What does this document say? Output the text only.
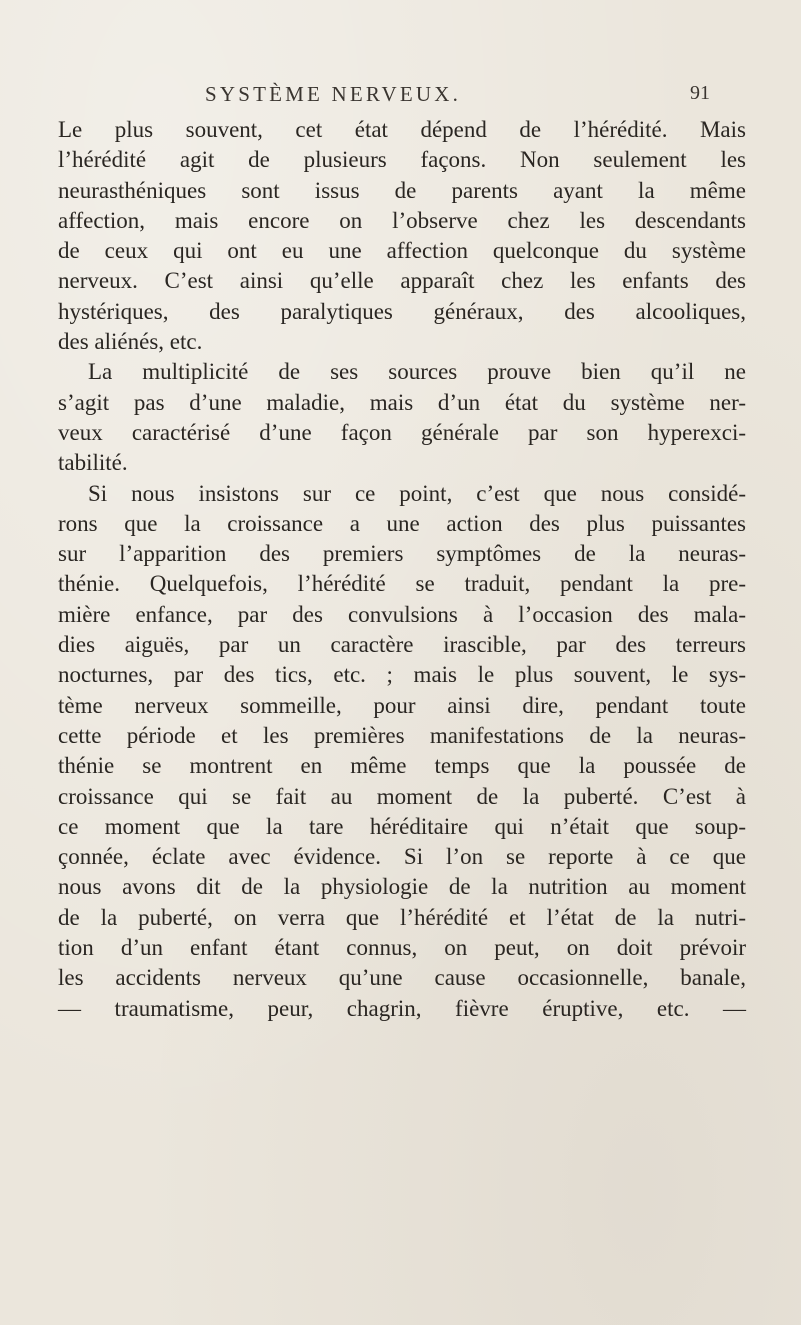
SYSTÈME NERVEUX.	91
Le plus souvent, cet état dépend de l’hérédité. Mais
l’hérédité agit de plusieurs façons. Non seulement les
neurasthéniques sont issus de parents ayant la même
affection, mais encore on l’observe chez les descendants
de ceux qui ont eu une affection quelconque du système
nerveux. C’est ainsi qu’elle apparaît chez les enfants des
hystériques, des paralytiques généraux, des alcooliques,
des aliénés, etc.
La multiplicité de ses sources prouve bien qu’il ne
s’agit pas d’une maladie, mais d’un état du système ner-
veux caractérisé d’une façon générale par son hyperexci-
tabilité.
Si nous insistons sur ce point, c’est que nous considé-
rons que la croissance a une action des plus puissantes
sur l’apparition des premiers symptômes de la neuras-
thénie. Quelquefois, l’hérédité se traduit, pendant la pre-
mière enfance, par des convulsions à l’occasion des mala-
dies aiguës, par un caractère irascible, par des terreurs
nocturnes, par des tics, etc. ; mais le plus souvent, le sys-
tème nerveux sommeille, pour ainsi dire, pendant toute
cette période et les premières manifestations de la neuras-
thénie se montrent en même temps que la poussée de
croissance qui se fait au moment de la puberté. C’est à
ce moment que la tare héréditaire qui n’était que soup-
çonnée, éclate avec évidence. Si l’on se reporte à ce que
nous avons dit de la physiologie de la nutrition au moment
de la puberté, on verra que l’hérédité et l’état de la nutri-
tion d’un enfant étant connus, on peut, on doit prévoir
les accidents nerveux qu’une cause occasionnelle, banale,
— traumatisme, peur, chagrin, fièvre éruptive, etc. —
